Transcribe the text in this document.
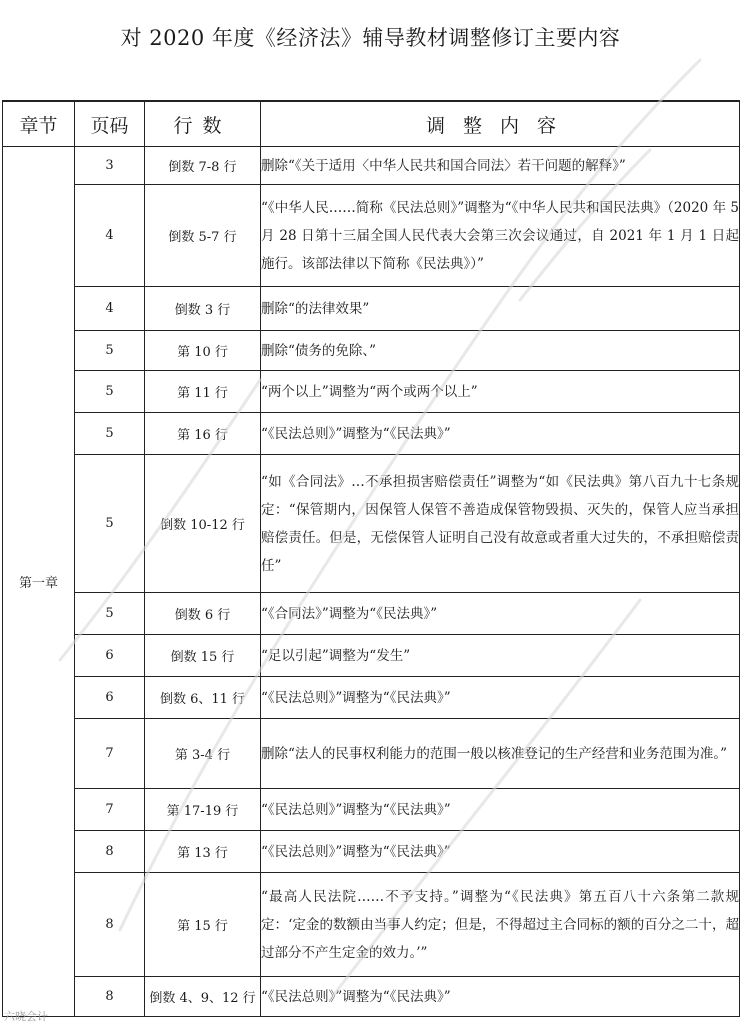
对 2020 年度《经济法》辅导教材调整修订主要内容
章节	页码	行数	调整内容
第一章	3	倒数 7-8 行	删除“《关于适用〈中华人民共和国合同法〉若干问题的解释》”
	4	倒数 5-7 行	“《中华人民……简称《民法总则》”调整为“《中华人民共和国民法典》（2020 年 5 月 28 日第十三届全国人民代表大会第三次会议通过，自 2021 年 1 月 1 日起施行。该部法律以下简称《民法典》）”
	4	倒数 3 行	删除“的法律效果”
	5	第 10 行	删除“债务的免除、”
	5	第 11 行	“两个以上”调整为“两个或两个以上”
	5	第 16 行	“《民法总则》”调整为“《民法典》”
	5	倒数 10-12 行	“如《合同法》…不承担损害赔偿责任”调整为“如《民法典》第八百九十七条规定：“保管期内，因保管人保管不善造成保管物毁损、灭失的，保管人应当承担赔偿责任。但是，无偿保管人证明自己没有故意或者重大过失的，不承担赔偿责任”
	5	倒数 6 行	“《合同法》”调整为“《民法典》”
	6	倒数 15 行	“足以引起”调整为“发生”
	6	倒数 6、11 行	“《民法总则》”调整为“《民法典》”
	7	第 3-4 行	删除“法人的民事权利能力的范围一般以核准登记的生产经营和业务范围为准。”
	7	第 17-19 行	“《民法总则》”调整为“《民法典》”
	8	第 13 行	“《民法总则》”调整为“《民法典》”
	8	第 15 行	“最高人民法院……不予支持。”调整为“《民法典》第五百八十六条第二款规定：‘定金的数额由当事人约定；但是，不得超过主合同标的额的百分之二十，超过部分不产生定金的效力。’”
	8	倒数 4、9、12 行	“《民法总则》”调整为“《民法典》”
六晓会计
